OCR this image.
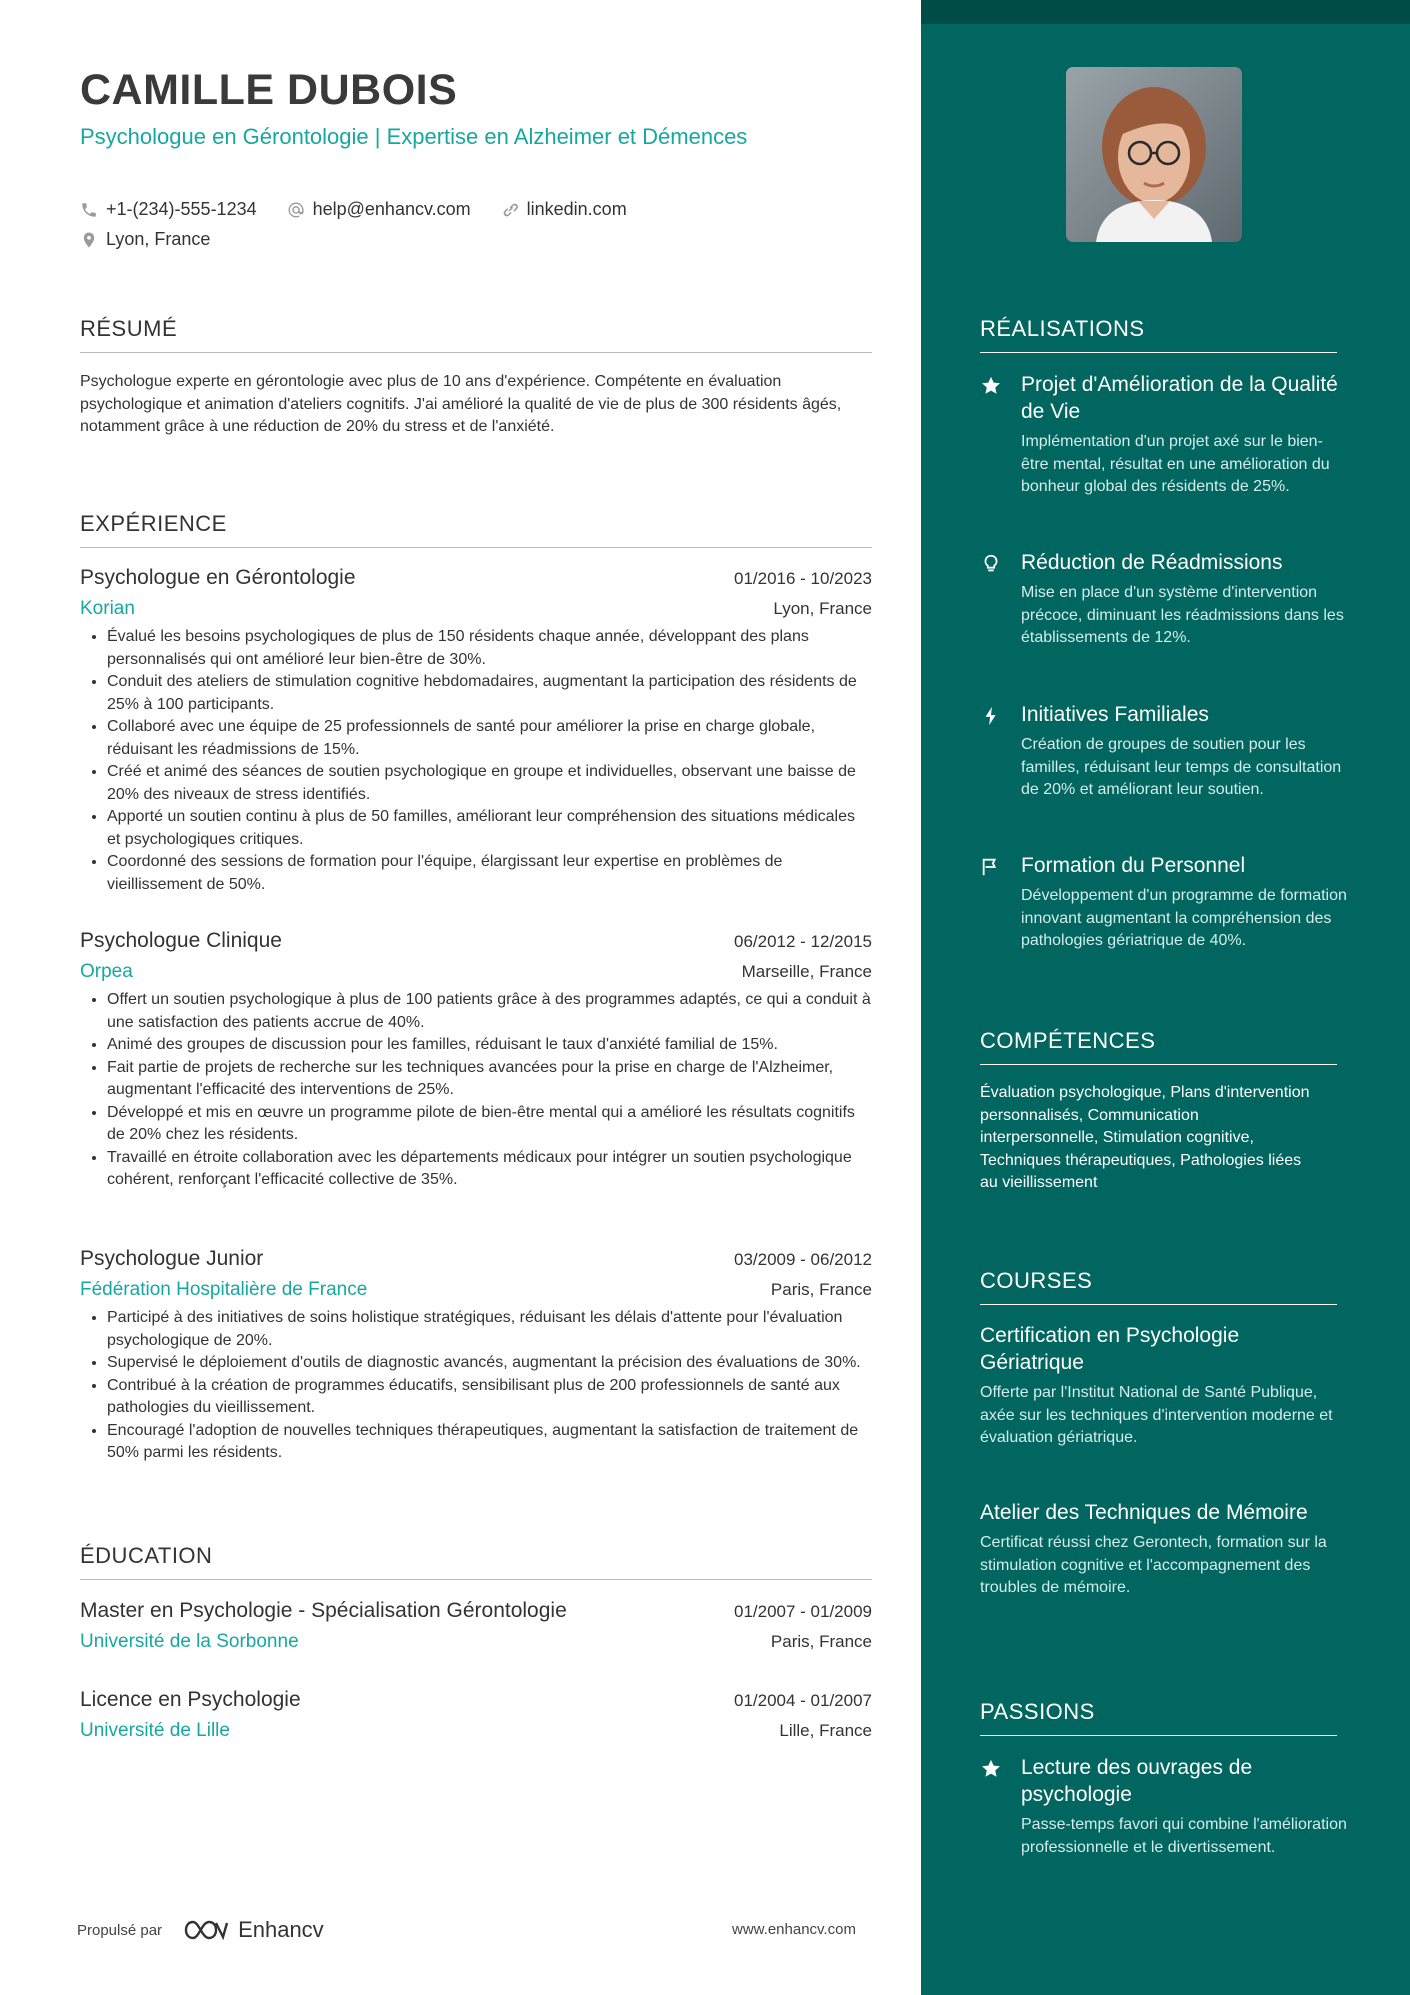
CAMILLE DUBOIS
Psychologue en Gérontologie | Expertise en Alzheimer et Démences
+1-(234)-555-1234	help@enhancv.com	linkedin.com
Lyon, France
RÉSUMÉ
Psychologue experte en gérontologie avec plus de 10 ans d'expérience. Compétente en évaluation psychologique et animation d'ateliers cognitifs. J'ai amélioré la qualité de vie de plus de 300 résidents âgés, notamment grâce à une réduction de 20% du stress et de l'anxiété.
EXPÉRIENCE
Psychologue en Gérontologie	01/2016 - 10/2023
Korian	Lyon, France
• Évalué les besoins psychologiques de plus de 150 résidents chaque année, développant des plans personnalisés qui ont amélioré leur bien-être de 30%.
• Conduit des ateliers de stimulation cognitive hebdomadaires, augmentant la participation des résidents de 25% à 100 participants.
• Collaboré avec une équipe de 25 professionnels de santé pour améliorer la prise en charge globale, réduisant les réadmissions de 15%.
• Créé et animé des séances de soutien psychologique en groupe et individuelles, observant une baisse de 20% des niveaux de stress identifiés.
• Apporté un soutien continu à plus de 50 familles, améliorant leur compréhension des situations médicales et psychologiques critiques.
• Coordonné des sessions de formation pour l'équipe, élargissant leur expertise en problèmes de vieillissement de 50%.
Psychologue Clinique	06/2012 - 12/2015
Orpea	Marseille, France
• Offert un soutien psychologique à plus de 100 patients grâce à des programmes adaptés, ce qui a conduit à une satisfaction des patients accrue de 40%.
• Animé des groupes de discussion pour les familles, réduisant le taux d'anxiété familial de 15%.
• Fait partie de projets de recherche sur les techniques avancées pour la prise en charge de l'Alzheimer, augmentant l'efficacité des interventions de 25%.
• Développé et mis en œuvre un programme pilote de bien-être mental qui a amélioré les résultats cognitifs de 20% chez les résidents.
• Travaillé en étroite collaboration avec les départements médicaux pour intégrer un soutien psychologique cohérent, renforçant l'efficacité collective de 35%.
Psychologue Junior	03/2009 - 06/2012
Fédération Hospitalière de France	Paris, France
• Participé à des initiatives de soins holistique stratégiques, réduisant les délais d'attente pour l'évaluation psychologique de 20%.
• Supervisé le déploiement d'outils de diagnostic avancés, augmentant la précision des évaluations de 30%.
• Contribué à la création de programmes éducatifs, sensibilisant plus de 200 professionnels de santé aux pathologies du vieillissement.
• Encouragé l'adoption de nouvelles techniques thérapeutiques, augmentant la satisfaction de traitement de 50% parmi les résidents.
ÉDUCATION
Master en Psychologie - Spécialisation Gérontologie	01/2007 - 01/2009
Université de la Sorbonne	Paris, France
Licence en Psychologie	01/2004 - 01/2007
Université de Lille	Lille, France
Propulsé par	Enhancv	www.enhancv.com
RÉALISATIONS
Projet d'Amélioration de la Qualité de Vie
Implémentation d'un projet axé sur le bien-être mental, résultat en une amélioration du bonheur global des résidents de 25%.
Réduction de Réadmissions
Mise en place d'un système d'intervention précoce, diminuant les réadmissions dans les établissements de 12%.
Initiatives Familiales
Création de groupes de soutien pour les familles, réduisant leur temps de consultation de 20% et améliorant leur soutien.
Formation du Personnel
Développement d'un programme de formation innovant augmentant la compréhension des pathologies gériatrique de 40%.
COMPÉTENCES
Évaluation psychologique, Plans d'intervention personnalisés, Communication interpersonnelle, Stimulation cognitive, Techniques thérapeutiques, Pathologies liées au vieillissement
COURSES
Certification en Psychologie Gériatrique
Offerte par l'Institut National de Santé Publique, axée sur les techniques d'intervention moderne et évaluation gériatrique.
Atelier des Techniques de Mémoire
Certificat réussi chez Gerontech, formation sur la stimulation cognitive et l'accompagnement des troubles de mémoire.
PASSIONS
Lecture des ouvrages de psychologie
Passe-temps favori qui combine l'amélioration professionnelle et le divertissement.
